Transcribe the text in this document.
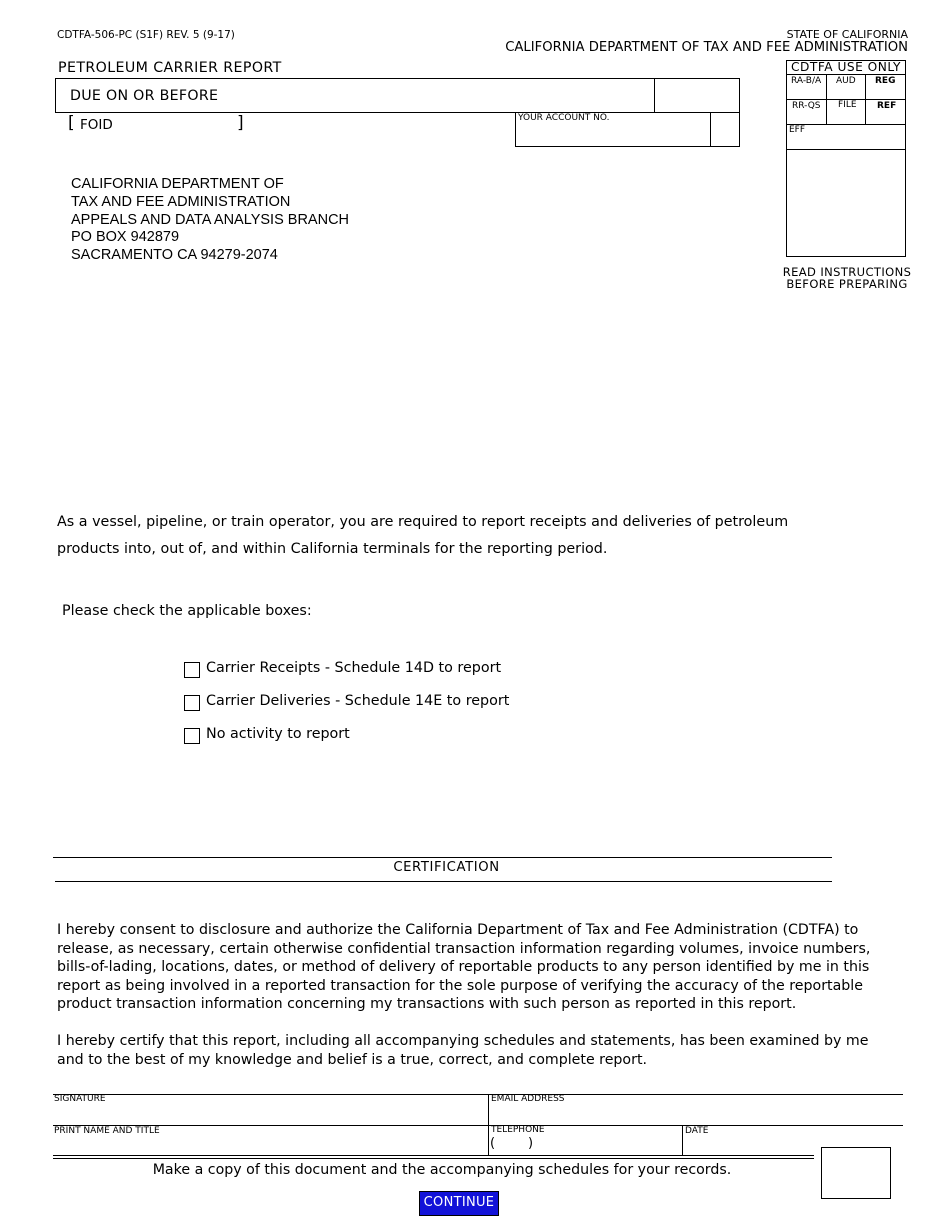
CDTFA-506-PC (S1F) REV. 5 (9-17)	STATE OF CALIFORNIA
CALIFORNIA DEPARTMENT OF TAX AND FEE ADMINISTRATION
PETROLEUM CARRIER REPORT
DUE ON OR BEFORE
[ FOID	]	YOUR ACCOUNT NO.
CDTFA USE ONLY
RA-B/A AUD REG
RR-QS FILE REF
EFF
READ INSTRUCTIONS
BEFORE PREPARING
CALIFORNIA DEPARTMENT OF
TAX AND FEE ADMINISTRATION
APPEALS AND DATA ANALYSIS BRANCH
PO BOX 942879
SACRAMENTO CA 94279-2074
As a vessel, pipeline, or train operator, you are required to report receipts and deliveries of petroleum
products into, out of, and within California terminals for the reporting period.
Please check the applicable boxes:
Carrier Receipts - Schedule 14D to report
Carrier Deliveries - Schedule 14E to report
No activity to report
CERTIFICATION
I hereby consent to disclosure and authorize the California Department of Tax and Fee Administration (CDTFA) to
release, as necessary, certain otherwise confidential transaction information regarding volumes, invoice numbers,
bills-of-lading, locations, dates, or method of delivery of reportable products to any person identified by me in this
report as being involved in a reported transaction for the sole purpose of verifying the accuracy of the reportable
product transaction information concerning my transactions with such person as reported in this report.
I hereby certify that this report, including all accompanying schedules and statements, has been examined by me
and to the best of my knowledge and belief is a true, correct, and complete report.
SIGNATURE	EMAIL ADDRESS
PRINT NAME AND TITLE	TELEPHONE
(	)
DATE
Make a copy of this document and the accompanying schedules for your records.
CONTINUE
